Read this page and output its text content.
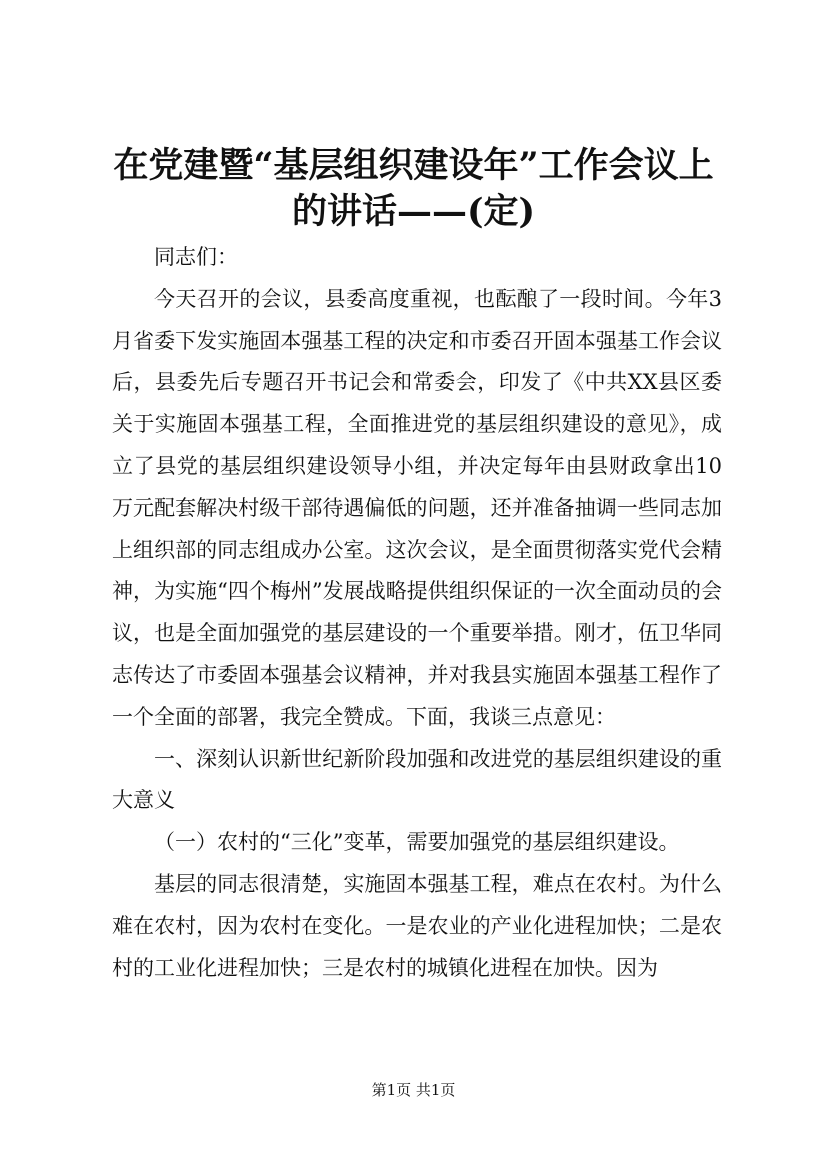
在党建暨“基层组织建设年”工作会议上的讲话——(定)

同志们：

今天召开的会议，县委高度重视，也酝酿了一段时间。今年3月省委下发实施固本强基工程的决定和市委召开固本强基工作会议后，县委先后专题召开书记会和常委会，印发了《中共XX县区委关于实施固本强基工程，全面推进党的基层组织建设的意见》，成立了县党的基层组织建设领导小组，并决定每年由县财政拿出10万元配套解决村级干部待遇偏低的问题，还并准备抽调一些同志加上组织部的同志组成办公室。这次会议，是全面贯彻落实党代会精神，为实施“四个梅州”发展战略提供组织保证的一次全面动员的会议，也是全面加强党的基层建设的一个重要举措。刚才，伍卫华同志传达了市委固本强基会议精神，并对我县实施固本强基工程作了一个全面的部署，我完全赞成。下面，我谈三点意见：

一、深刻认识新世纪新阶段加强和改进党的基层组织建设的重大意义

（一）农村的“三化”变革，需要加强党的基层组织建设。

基层的同志很清楚，实施固本强基工程，难点在农村。为什么难在农村，因为农村在变化。一是农业的产业化进程加快；二是农村的工业化进程加快；三是农村的城镇化进程在加快。因为

第1页 共1页
